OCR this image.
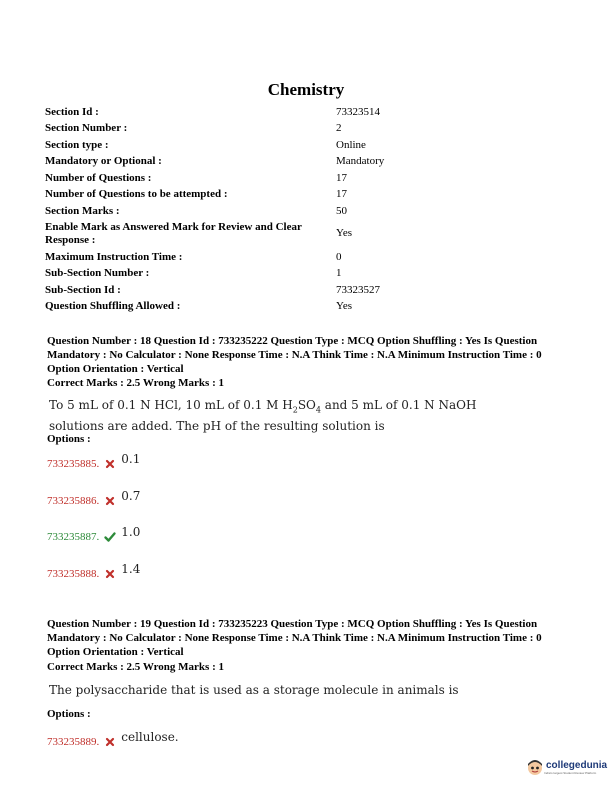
Chemistry
Section Id :	73323514
Section Number :	2
Section type :	Online
Mandatory or Optional :	Mandatory
Number of Questions :	17
Number of Questions to be attempted :	17
Section Marks :	50
Enable Mark as Answered Mark for Review and Clear Response :
Yes
Maximum Instruction Time :	0
Sub-Section Number :	1
Sub-Section Id :	73323527
Question Shuffling Allowed :	Yes
Question Number : 18 Question Id : 733235222 Question Type : MCQ Option Shuffling : Yes Is Question Mandatory : No Calculator : None Response Time : N.A Think Time : N.A Minimum Instruction Time : 0 Option Orientation : Vertical
Correct Marks : 2.5 Wrong Marks : 1
To 5 mL of 0.1 N HCl, 10 mL of 0.1 M $H_2SO_4$ and 5 mL of 0.1 N NaOH solutions are added. The pH of the resulting solution is
Options :
733235885. 0.1
733235886. 0.7
733235887. 1.0
733235888. 1.4
Question Number : 19 Question Id : 733235223 Question Type : MCQ Option Shuffling : Yes Is Question Mandatory : No Calculator : None Response Time : N.A Think Time : N.A Minimum Instruction Time : 0 Option Orientation : Vertical
Correct Marks : 2.5 Wrong Marks : 1
The polysaccharide that is used as a storage molecule in animals is
Options :
733235889. cellulose.
collegedunia
India's largest Student Review Platform
